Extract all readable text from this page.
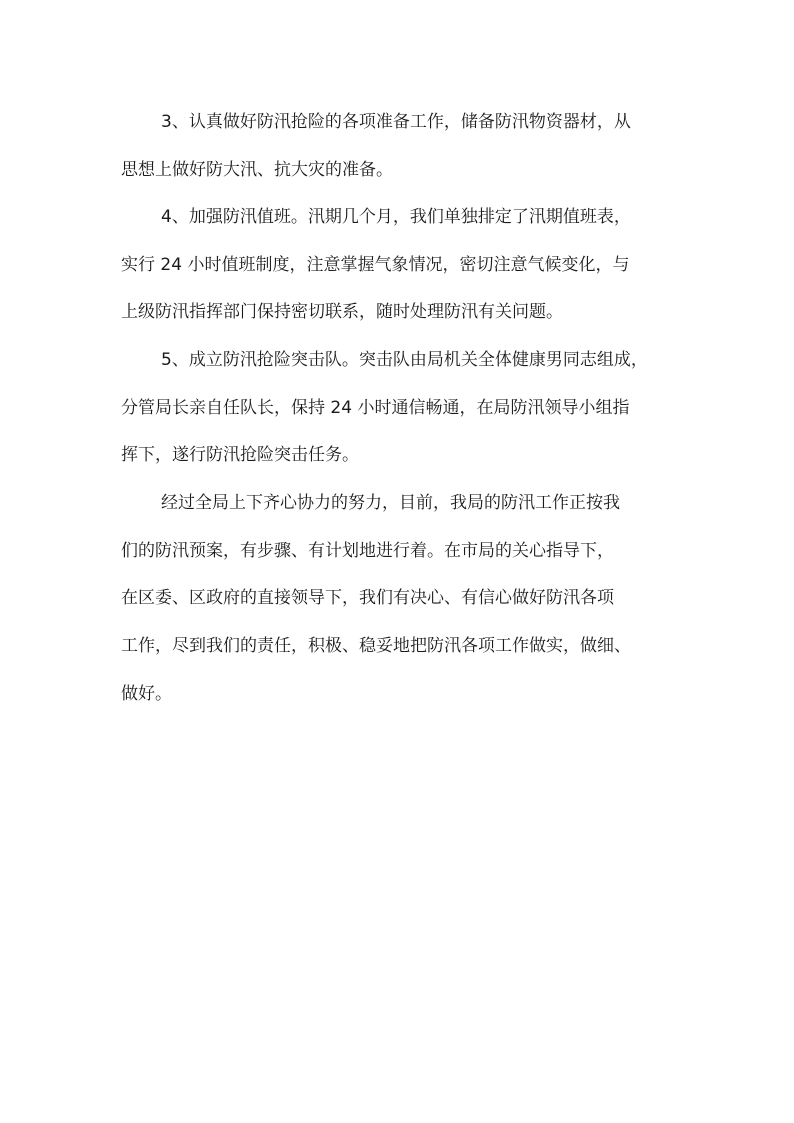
3、认真做好防汛抢险的各项准备工作，储备防汛物资器材，从

思想上做好防大汛、抗大灾的准备。

4、加强防汛值班。汛期几个月，我们单独排定了汛期值班表，

实行 24 小时值班制度，注意掌握气象情况，密切注意气候变化，与

上级防汛指挥部门保持密切联系，随时处理防汛有关问题。

5、成立防汛抢险突击队。突击队由局机关全体健康男同志组成，

分管局长亲自任队长，保持 24 小时通信畅通，在局防汛领导小组指

挥下，遂行防汛抢险突击任务。

经过全局上下齐心协力的努力，目前，我局的防汛工作正按我

们的防汛预案，有步骤、有计划地进行着。在市局的关心指导下，

在区委、区政府的直接领导下，我们有决心、有信心做好防汛各项

工作，尽到我们的责任，积极、稳妥地把防汛各项工作做实，做细、

做好。
